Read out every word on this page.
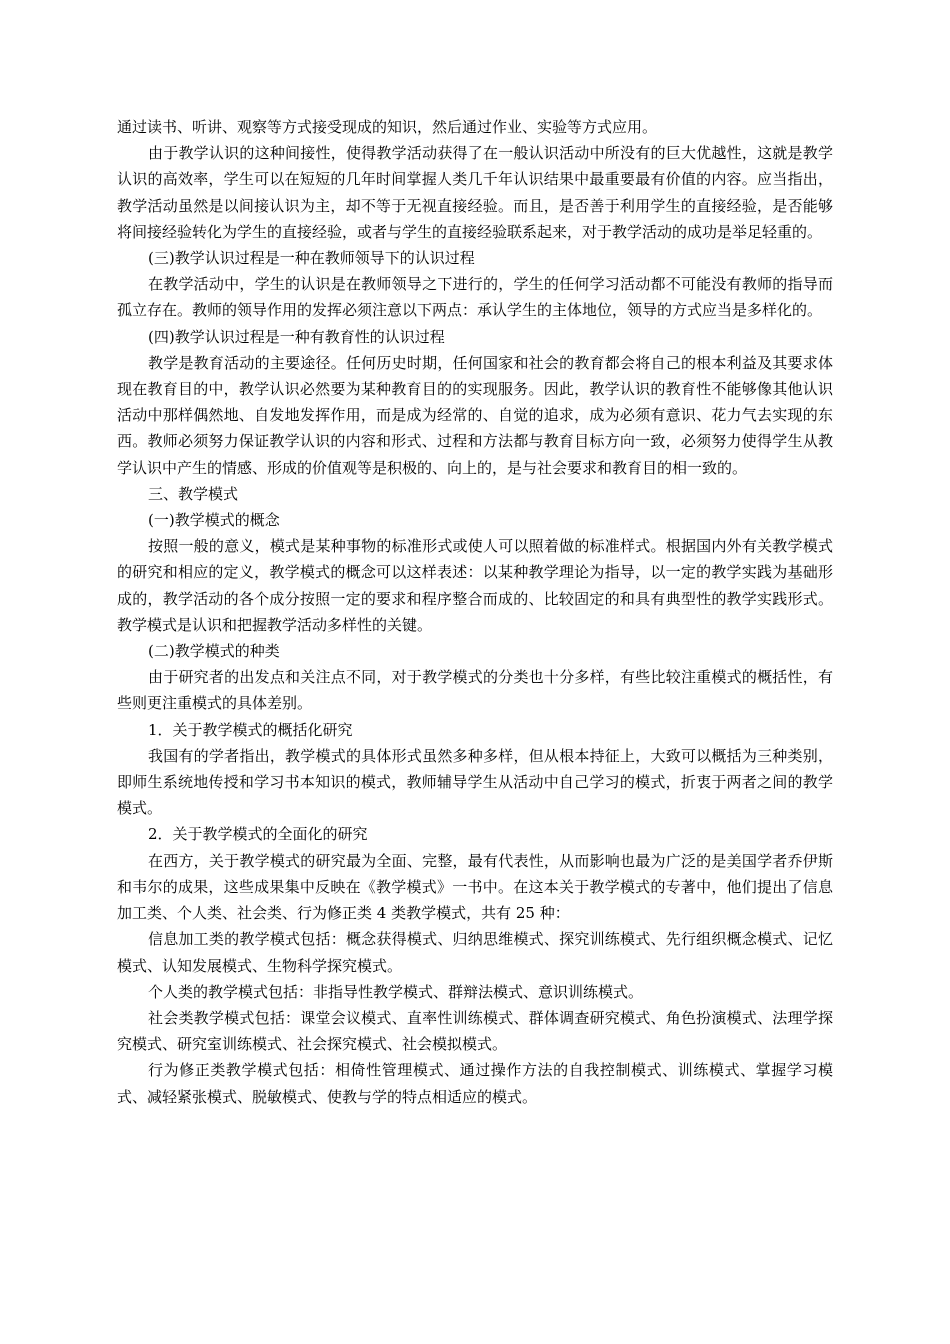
通过读书、听讲、观察等方式接受现成的知识，然后通过作业、实验等方式应用。

由于教学认识的这种间接性，使得教学活动获得了在一般认识活动中所没有的巨大优越性，这就是教学认识的高效率，学生可以在短短的几年时间掌握人类几千年认识结果中最重要最有价值的内容。应当指出，教学活动虽然是以间接认识为主，却不等于无视直接经验。而且，是否善于利用学生的直接经验，是否能够将间接经验转化为学生的直接经验，或者与学生的直接经验联系起来，对于教学活动的成功是举足轻重的。

(三)教学认识过程是一种在教师领导下的认识过程

在教学活动中，学生的认识是在教师领导之下进行的，学生的任何学习活动都不可能没有教师的指导而孤立存在。教师的领导作用的发挥必须注意以下两点：承认学生的主体地位，领导的方式应当是多样化的。

(四)教学认识过程是一种有教育性的认识过程

教学是教育活动的主要途径。任何历史时期，任何国家和社会的教育都会将自己的根本利益及其要求体现在教育目的中，教学认识必然要为某种教育目的的实现服务。因此，教学认识的教育性不能够像其他认识活动中那样偶然地、自发地发挥作用，而是成为经常的、自觉的追求，成为必须有意识、花力气去实现的东西。教师必须努力保证教学认识的内容和形式、过程和方法都与教育目标方向一致，必须努力使得学生从教学认识中产生的情感、形成的价值观等是积极的、向上的，是与社会要求和教育目的相一致的。

三、教学模式

(一)教学模式的概念

按照一般的意义，模式是某种事物的标准形式或使人可以照着做的标准样式。根据国内外有关教学模式的研究和相应的定义，教学模式的概念可以这样表述：以某种教学理论为指导，以一定的教学实践为基础形成的，教学活动的各个成分按照一定的要求和程序整合而成的、比较固定的和具有典型性的教学实践形式。教学模式是认识和把握教学活动多样性的关键。

(二)教学模式的种类

由于研究者的出发点和关注点不同，对于教学模式的分类也十分多样，有些比较注重模式的概括性，有些则更注重模式的具体差别。

1．关于教学模式的概括化研究

我国有的学者指出，教学模式的具体形式虽然多种多样，但从根本持征上，大致可以概括为三种类别，即师生系统地传授和学习书本知识的模式，教师辅导学生从活动中自己学习的模式，折衷于两者之间的教学模式。

2．关于教学模式的全面化的研究

在西方，关于教学模式的研究最为全面、完整，最有代表性，从而影响也最为广泛的是美国学者乔伊斯和韦尔的成果，这些成果集中反映在《教学模式》一书中。在这本关于教学模式的专著中，他们提出了信息加工类、个人类、社会类、行为修正类 4 类教学模式，共有 25 种：

信息加工类的教学模式包括：概念获得模式、归纳思维模式、探究训练模式、先行组织概念模式、记忆模式、认知发展模式、生物科学探究模式。

个人类的教学模式包括：非指导性教学模式、群辩法模式、意识训练模式。

社会类教学模式包括：课堂会议模式、直率性训练模式、群体调查研究模式、角色扮演模式、法理学探究模式、研究室训练模式、社会探究模式、社会模拟模式。

行为修正类教学模式包括：相倚性管理模式、通过操作方法的自我控制模式、训练模式、掌握学习模式、减轻紧张模式、脱敏模式、使教与学的特点相适应的模式。
